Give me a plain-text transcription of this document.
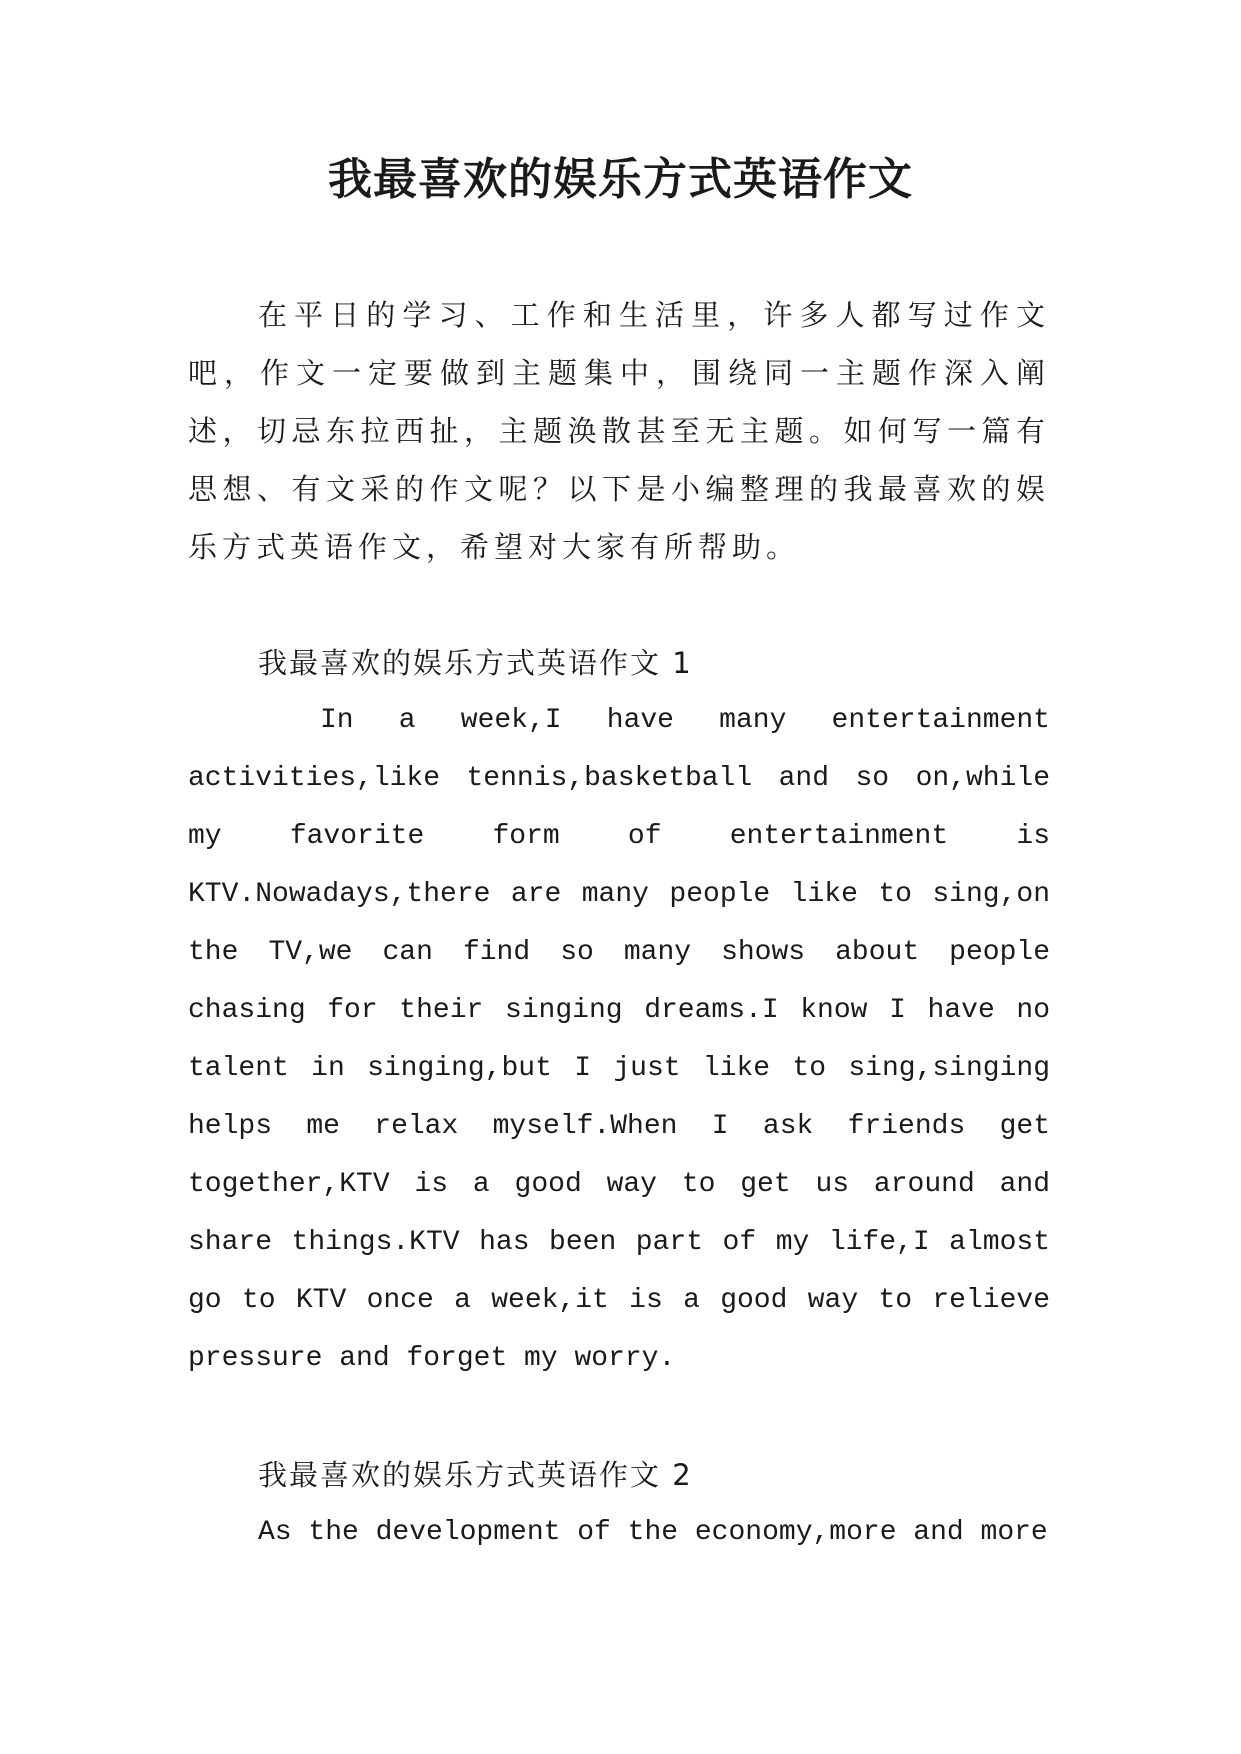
我最喜欢的娱乐方式英语作文

在平日的学习、工作和生活里，许多人都写过作文吧，作文一定要做到主题集中，围绕同一主题作深入阐述，切忌东拉西扯，主题涣散甚至无主题。如何写一篇有思想、有文采的作文呢？以下是小编整理的我最喜欢的娱乐方式英语作文，希望对大家有所帮助。

我最喜欢的娱乐方式英语作文 1

In a week,I have many entertainment activities,like tennis,basketball and so on,while my favorite form of entertainment is KTV.Nowadays,there are many people like to sing,on the TV,we can find so many shows about people chasing for their singing dreams.I know I have no talent in singing,but I just like to sing,singing helps me relax myself.When I ask friends get together,KTV is a good way to get us around and share things.KTV has been part of my life,I almost go to KTV once a week,it is a good way to relieve pressure and forget my worry.

我最喜欢的娱乐方式英语作文 2

As the development of the economy,more and more
